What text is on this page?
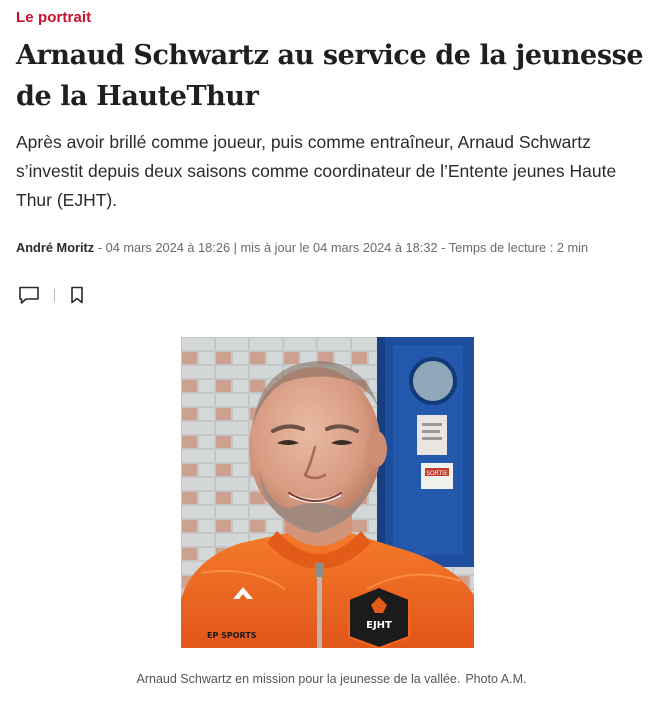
Le portrait
Arnaud Schwartz au service de la jeunesse de la HauteThur

Après avoir brillé comme joueur, puis comme entraîneur, Arnaud Schwartz s’investit depuis deux saisons comme coordinateur de l’Entente jeunes Haute Thur (EJHT).

André Moritz - 04 mars 2024 à 18:26 | mis à jour le 04 mars 2024 à 18:32 - Temps de lecture : 2 min
SORTIE
EP SPORTS
EJHT
Arnaud Schwartz en mission pour la jeunesse de la vallée. Photo A.M.
